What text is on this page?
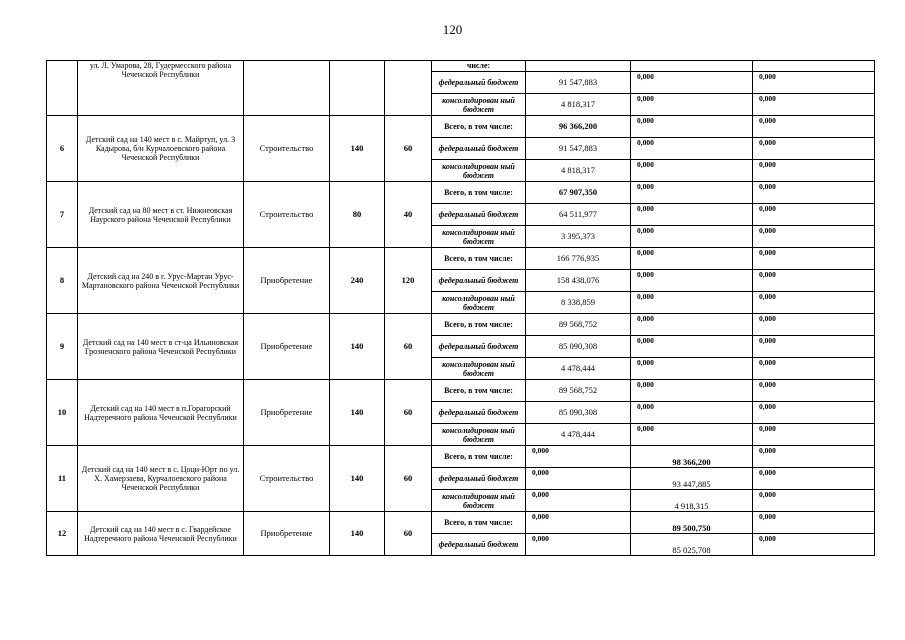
120
	ул. Л. Умарова, 28, Гудермесского района Чеченской Республики				числе:			
					федеральный бюджет	91 547,883	0,000	0,000
					консолидирован ный бюджет	4 818,317	0,000	0,000
6	Детский сад на 140 мест в с. Майртуп, ул. З Кадырова, б/н Курчалоевского района Чеченской Республики	Строительство	140	60	Всего, в том числе:	96 366,200	0,000	0,000
					федеральный бюджет	91 547,883	0,000	0,000
					консолидирован ный бюджет	4 818,317	0,000	0,000
7	Детский сад на 80 мест в ст. Нижнеовская Наурского района Чеченской Республики	Строительство	80	40	Всего, в том числе:	67 907,350	0,000	0,000
					федеральный бюджет	64 511,977	0,000	0,000
					консолидирован ный бюджет	3 395,373	0,000	0,000
8	Детский сад на 240 в г. Урус-Мартан Урус-Мартановского района Чеченской Республики	Приобретение	240	120	Всего, в том числе:	166 776,935	0,000	0,000
					федеральный бюджет	158 438,076	0,000	0,000
					консолидирован ный бюджет	8 338,859	0,000	0,000
9	Детский сад на 140 мест в ст-ца Ильиновская Грозненского района Чеченской Республики	Приобретение	140	60	Всего, в том числе:	89 568,752	0,000	0,000
					федеральный бюджет	85 090,308	0,000	0,000
					консолидирован ный бюджет	4 478,444	0,000	0,000
10	Детский сад на 140 мест в п.Горагорский Надтеречного района Чеченской Республики	Приобретение	140	60	Всего, в том числе:	89 568,752	0,000	0,000
					федеральный бюджет	85 090,308	0,000	0,000
					консолидирован ный бюджет	4 478,444	0,000	0,000
11	Детский сад на 140 мест в с. Цоци-Юрт по ул. Х. Хамерзаева, Курчалоевского района Чеченской Республики	Строительство	140	60	Всего, в том числе:	0,000	98 366,200	0,000
					федеральный бюджет	0,000	93 447,885	0,000
					консолидирован ный бюджет	0,000	4 918,315	0,000
12	Детский сад на 140 мест в с. Гвардейское Надтеречного района Чеченской Республики	Приобретение	140	60	Всего, в том числе:	0,000	89 500,750	0,000
					федеральный бюджет	0,000	85 025,708	0,000
